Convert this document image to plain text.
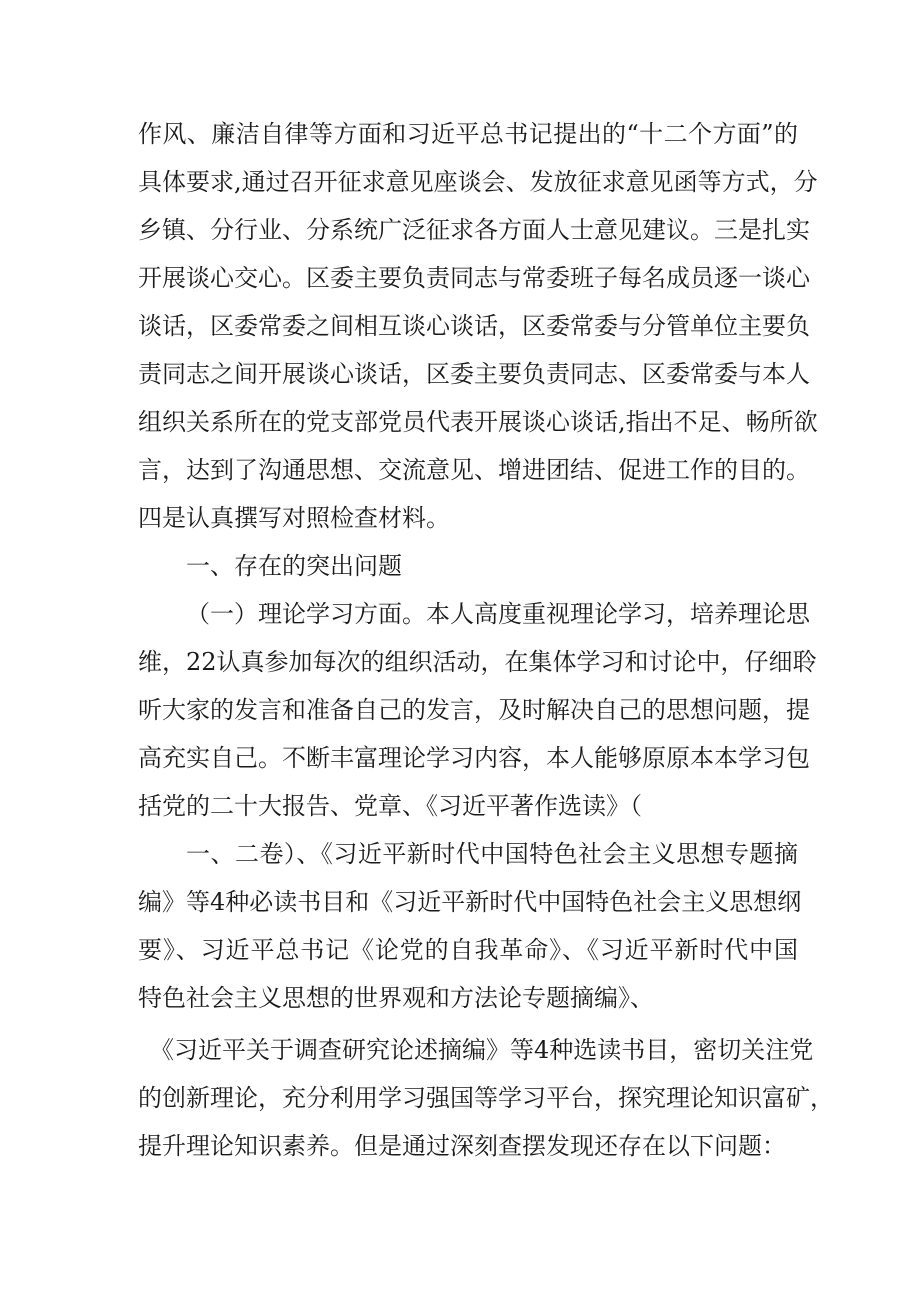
作风、廉洁自律等方面和习近平总书记提出的“十二个方面”的
具体要求,通过召开征求意见座谈会、发放征求意见函等方式，分
乡镇、分行业、分系统广泛征求各方面人士意见建议。三是扎实
开展谈心交心。区委主要负责同志与常委班子每名成员逐一谈心
谈话，区委常委之间相互谈心谈话，区委常委与分管单位主要负
责同志之间开展谈心谈话，区委主要负责同志、区委常委与本人
组织关系所在的党支部党员代表开展谈心谈话,指出不足、畅所欲
言，达到了沟通思想、交流意见、增进团结、促进工作的目的。
四是认真撰写对照检查材料。
一、存在的突出问题
（一）理论学习方面。本人高度重视理论学习，培养理论思
维，22认真参加每次的组织活动，在集体学习和讨论中，仔细聆
听大家的发言和准备自己的发言，及时解决自己的思想问题，提
高充实自己。不断丰富理论学习内容，本人能够原原本本学习包
括党的二十大报告、党章、《习近平著作选读》（
一、二卷）、《习近平新时代中国特色社会主义思想专题摘
编》等4种必读书目和《习近平新时代中国特色社会主义思想纲
要》、习近平总书记《论党的自我革命》、《习近平新时代中国
特色社会主义思想的世界观和方法论专题摘编》、
《习近平关于调查研究论述摘编》等4种选读书目，密切关注党
的创新理论，充分利用学习强国等学习平台，探究理论知识富矿，
提升理论知识素养。但是通过深刻查摆发现还存在以下问题：
